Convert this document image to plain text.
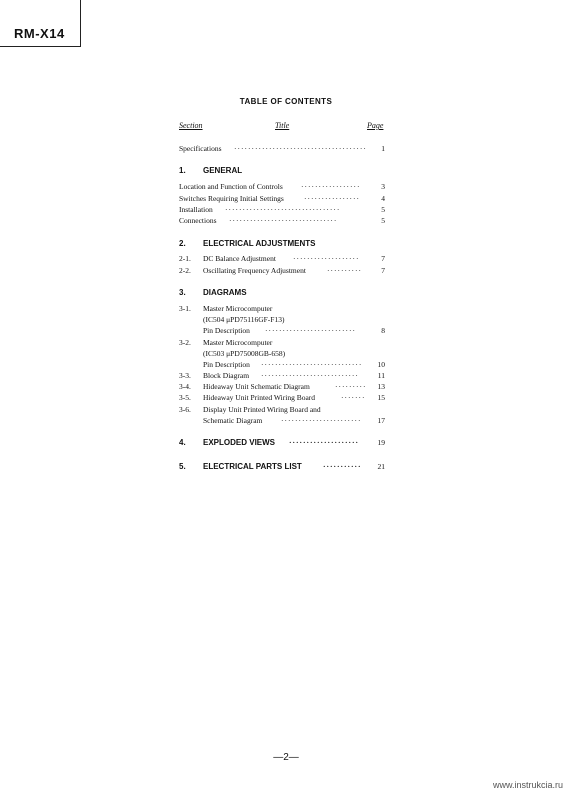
RM-X14
TABLE OF CONTENTS
Section	Title	Page
Specifications ······································	1
1. GENERAL
Location and Function of Controls ·················	3
Switches Requiring Initial Settings	················	4
Installation ·································	5
Connections ·······························	5
2. ELECTRICAL ADJUSTMENTS
2-1. DC Balance Adjustment ···················	7
2-2. Oscillating Frequency Adjustment	··········	7
3. DIAGRAMS
3-1. Master Microcomputer
(IC504 μPD75116GF-F13)
Pin Description ··························	8
3-2. Master Microcomputer
(IC503 μPD75008GB-658)
Pin Description ·····························	10
3-3. Block Diagram ····························	11
3-4. Hideaway Unit Schematic Diagram	·········	13
3-5. Hideaway Unit Printed Wiring Board	·······	15
3-6. Display Unit Printed Wiring Board and
Schematic Diagram ·······················	17
4. EXPLODED VIEWS ····················	19
5. ELECTRICAL PARTS LIST	···········	21
—2—
www.instrukcia.ru
